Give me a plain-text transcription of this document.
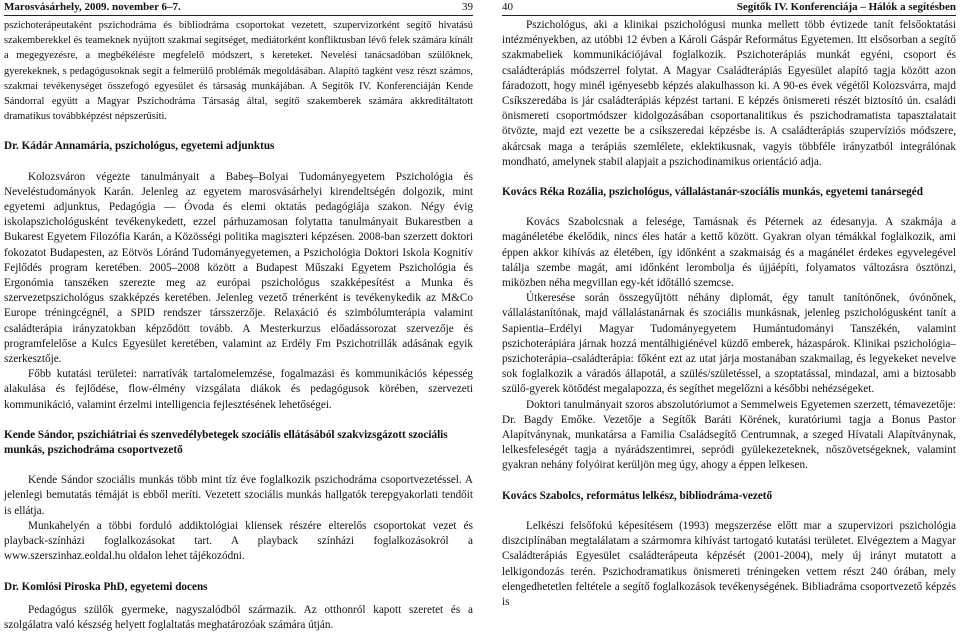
Marosvásárhely, 2009. november 6–7.	39

pszichoterápeutaként pszichodráma és bibliodráma csoportokat vezetett, szupervizorként segítő hivatású szakemberekkel és teameknek nyújtott szakmai segítséget, mediátorként konfliktusban lévő felek számára kínált a megegyezésre, a megbékélésre megfelelő módszert, s kereteket. Nevelési tanácsadóban szülőknek, gyerekeknek, s pedagógusoknak segít a felmerülő problémák megoldásában. Alapító tagként vesz részt számos, szakmai tevékenységet összefogó egyesület és társaság munkájában. A Segítők IV. Konferenciáján Kende Sándorral együtt a Magyar Pszichodráma Társaság által, segítő szakemberek számára akkreditáltatott dramatikus továbbképzést népszerűsíti.

Dr. Kádár Annamária, pszichológus, egyetemi adjunktus

Kolozsváron végezte tanulmányait a Babeş–Bolyai Tudományegyetem Pszichológia és Neveléstudományok Karán. Jelenleg az egyetem marosvásárhelyi kirendeltségén dolgozik, mint egyetemi adjunktus, Pedagógia — Óvoda és elemi oktatás pedagógiája szakon. Négy évig iskolapszichológusként tevékenykedett, ezzel párhuzamosan folytatta tanulmányait Bukarestben a Bukarest Egyetem Filozófia Karán, a Közösségi politika magiszteri képzésen. 2008-ban szerzett doktori fokozatot Budapesten, az Eötvös Lóránd Tudományegyetemen, a Pszichológia Doktori Iskola Kognitív Fejlődés program keretében. 2005–2008 között a Budapest Műszaki Egyetem Pszichológia és Ergonómia tanszéken szerezte meg az európai pszichológus szakképesítést a Munka és szervezetpszichológus szakképzés keretében. Jelenleg vezető trénerként is tevékenykedik az M&Co Europe tréningcégnél, a SPID rendszer társszerzője. Relaxáció és szimbólumterápia valamint családterápia irányzatokban képződött tovább. A Mesterkurzus előadássorozat szervezője és programfelelőse a Kulcs Egyesület keretében, valamint az Erdély Fm Pszichotrillák adásának egyik szerkesztője.

Főbb kutatási területei: narratívák tartalomelemzése, fogalmazási és kommunikációs képesség alakulása és fejlődése, flow-élmény vizsgálata diákok és pedagógusok körében, szervezeti kommunikáció, valamint érzelmi intelligencia fejlesztésének lehetőségei.

Kende Sándor, pszichiátriai és szenvedélybetegek szociális ellátásából szakvizsgázott szociális munkás, pszichodráma csoportvezető

Kende Sándor szociális munkás több mint tíz éve foglalkozik pszichodráma csoportvezetéssel. A jelenlegi bemutatás témáját is ebből meríti. Vezetett szociális munkás hallgatók terepgyakorlati tendőit is ellátja.

Munkahelyén a többi forduló addiktológiai kliensek részére elterelős csoportokat vezet és playback-színházi foglalkozásokat tart. A playback színházi foglalkozásokról a www.szerszinhaz.eoldal.hu oldalon lehet tájékozódni.

Dr. Komlósi Piroska PhD, egyetemi docens

Pedagógus szülők gyermeke, nagyszalódból származik. Az otthonról kapott szeretet és a szolgálatra való készség helyett foglaltatás meghatározóak számára útján.

40	Segítők IV. Konferenciája – Hálók a segítésben

Pszichológus, aki a klinikai pszichológusi munka mellett több évtizede tanít felsőoktatási intézményekben, az utóbbi 12 évben a Károli Gáspár Református Egyetemen. Itt elsősorban a segítő szakmabeliek kommunikációjával foglalkozik. Pszichoterápiás munkát egyéni, csoport és családterápiás módszerrel folytat. A Magyar Családterápiás Egyesület alapító tagja között azon fáradozott, hogy minél igényesebb képzés alakulhasson ki. A 90-es évek végétől Kolozsvárra, majd Csíkszeredába is jár családterápiás képzést tartani. E képzés önismereti részét biztosító ún. családi önismereti csoportmódszer kidolgozásában csoportanalitikus és pszichodramatista tapasztalatait ötvözte, majd ezt vezette be a csíkszeredai képzésbe is. A családterápiás szupervíziós módszere, akárcsak maga a terápiás szemlélete, eklektikusnak, vagyis többféle irányzatból integrálónak mondható, amelynek stabil alapjait a pszichodinamikus orientáció adja.

Kovács Réka Rozália, pszichológus, vállalástanár-szociális munkás, egyetemi tanársegéd

Kovács Szabolcsnak a felesége, Tamásnak és Péternek az édesanyja. A szakmája a magánéletébe ékelődik, nincs éles határ a kettő között. Gyakran olyan témákkal foglalkozik, ami éppen akkor kihívás az életében, így időnként a szakmaiság és a magánélet érdekes egyvelegével találja szembe magát, ami időnként lerombolja és újjáépíti, folyamatos változásra ösztönzi, miközben néha megvillan egy-két időtálló szemcse.

Útkeresése során összegyűjtött néhány diplomát, égy tanult tanítónőnek, óvónőnek, vállalástanítónak, majd vállalástanárnak és szociális munkásnak, jelenleg pszichológusként tanít a Sapientia–Erdélyi Magyar Tudományegyetem Humántudományi Tanszékén, valamint pszichoterápiára járnak hozzá mentálhigiénével küzdő emberek, házaspárok. Klinikai pszichológia–pszichoterápia–családterápia: főként ezt az utat járja mostanában szakmailag, és legyekeket nevelve sok foglalkozik a váradós állapotál, a szülés/születéssel, a szoptatással, mindazal, ami a biztosabb szülő-gyerek kötődést megalapozza, és segíthet megelőzni a későbbi nehézségeket.

Doktori tanulmányait szoros abszolutóriumot a Semmelweis Egyetemen szerzett, témavezetője: Dr. Bagdy Emőke. Vezetője a Segítők Baráti Körének, kuratóriumi tagja a Bonus Pastor Alapítványnak, munkatársa a Familia Családsegítő Centrumnak, a szeged Hívatali Alapítványnak, lelkesfeleségét tagja a nyárádszentimrei, sepródi gyülekezeteknek, nőszövetségeknek, valamint gyakran nehány folyóirat kerüljön meg úgy, ahogy a éppen lelkesen.

Kovács Szabolcs, református lelkész, bibliodráma-vezető

Lelkészi felsőfokú képesítésem (1993) megszerzése előtt mar a szupervizori pszichológia diszciplínában megtalálatam a szármomra kihívást tartogató kutatási területet. Elvégeztem a Magyar Családterápiás Egyesület családterápeuta képzését (2001-2004), mely új irányt mutatott a lelkigondozás terén. Pszichodramatikus önismereti tréningeken vettem részt 240 órában, mely elengedhetetlen feltétele a segítő foglalkozások tevékenységének. Bibliadráma csoportvezető képzés is
